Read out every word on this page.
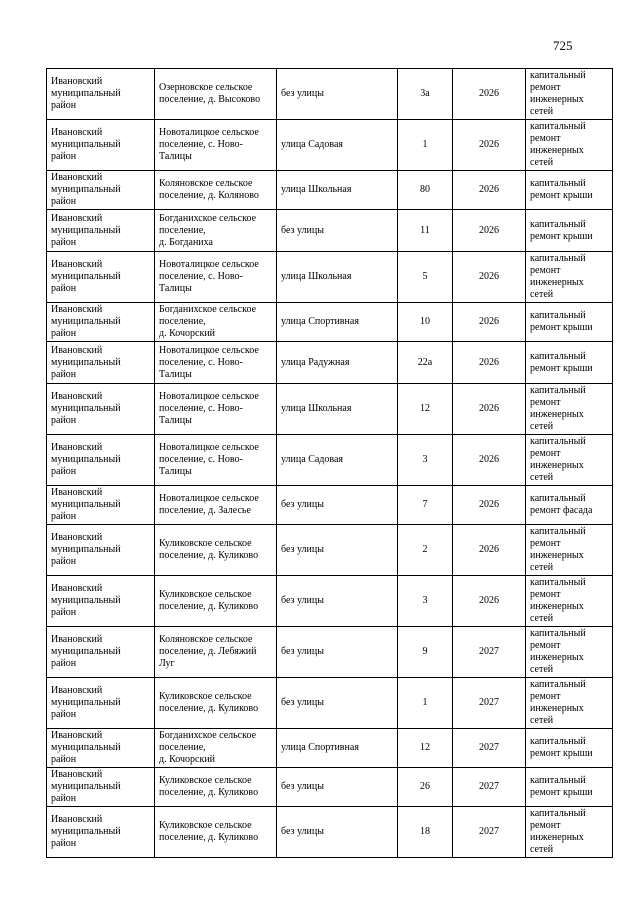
725
Ивановский
муниципальный
район	Озерновское сельское
поселение, д. Высоково	без улицы	3а	2026	капитальный
ремонт
инженерных
сетей

Ивановский
муниципальный
район	Новоталицкое сельское
поселение, с. Ново-
Талицы	улица Садовая	1	2026	капитальный
ремонт
инженерных
сетей

Ивановский
муниципальный
район	Коляновское сельское
поселение, д. Коляново	улица Школьная	80	2026	капитальный
ремонт крыши

Ивановский
муниципальный
район	Богданихское сельское
поселение,
д. Богданиха	без улицы	11	2026	капитальный
ремонт крыши

Ивановский
муниципальный
район	Новоталицкое сельское
поселение, с. Ново-
Талицы	улица Школьная	5	2026	капитальный
ремонт
инженерных
сетей

Ивановский
муниципальный
район	Богданихское сельское
поселение,
д. Кочорский	улица Спортивная	10	2026	капитальный
ремонт крыши

Ивановский
муниципальный
район	Новоталицкое сельское
поселение, с. Ново-
Талицы	улица Радужная	22а	2026	капитальный
ремонт крыши

Ивановский
муниципальный
район	Новоталицкое сельское
поселение, с. Ново-
Талицы	улица Школьная	12	2026	капитальный
ремонт
инженерных
сетей

Ивановский
муниципальный
район	Новоталицкое сельское
поселение, с. Ново-
Талицы	улица Садовая	3	2026	капитальный
ремонт
инженерных
сетей

Ивановский
муниципальный
район	Новоталицкое сельское
поселение, д. Залесье	без улицы	7	2026	капитальный
ремонт фасада

Ивановский
муниципальный
район	Куликовское сельское
поселение, д. Куликово	без улицы	2	2026	капитальный
ремонт
инженерных
сетей

Ивановский
муниципальный
район	Куликовское сельское
поселение, д. Куликово	без улицы	3	2026	капитальный
ремонт
инженерных
сетей

Ивановский
муниципальный
район	Коляновское сельское
поселение, д. Лебяжий
Луг	без улицы	9	2027	капитальный
ремонт
инженерных
сетей

Ивановский
муниципальный
район	Куликовское сельское
поселение, д. Куликово	без улицы	1	2027	капитальный
ремонт
инженерных
сетей

Ивановский
муниципальный
район	Богданихское сельское
поселение,
д. Кочорский	улица Спортивная	12	2027	капитальный
ремонт крыши

Ивановский
муниципальный
район	Куликовское сельское
поселение, д. Куликово	без улицы	26	2027	капитальный
ремонт крыши

Ивановский
муниципальный
район	Куликовское сельское
поселение, д. Куликово	без улицы	18	2027	капитальный
ремонт
инженерных
сетей
